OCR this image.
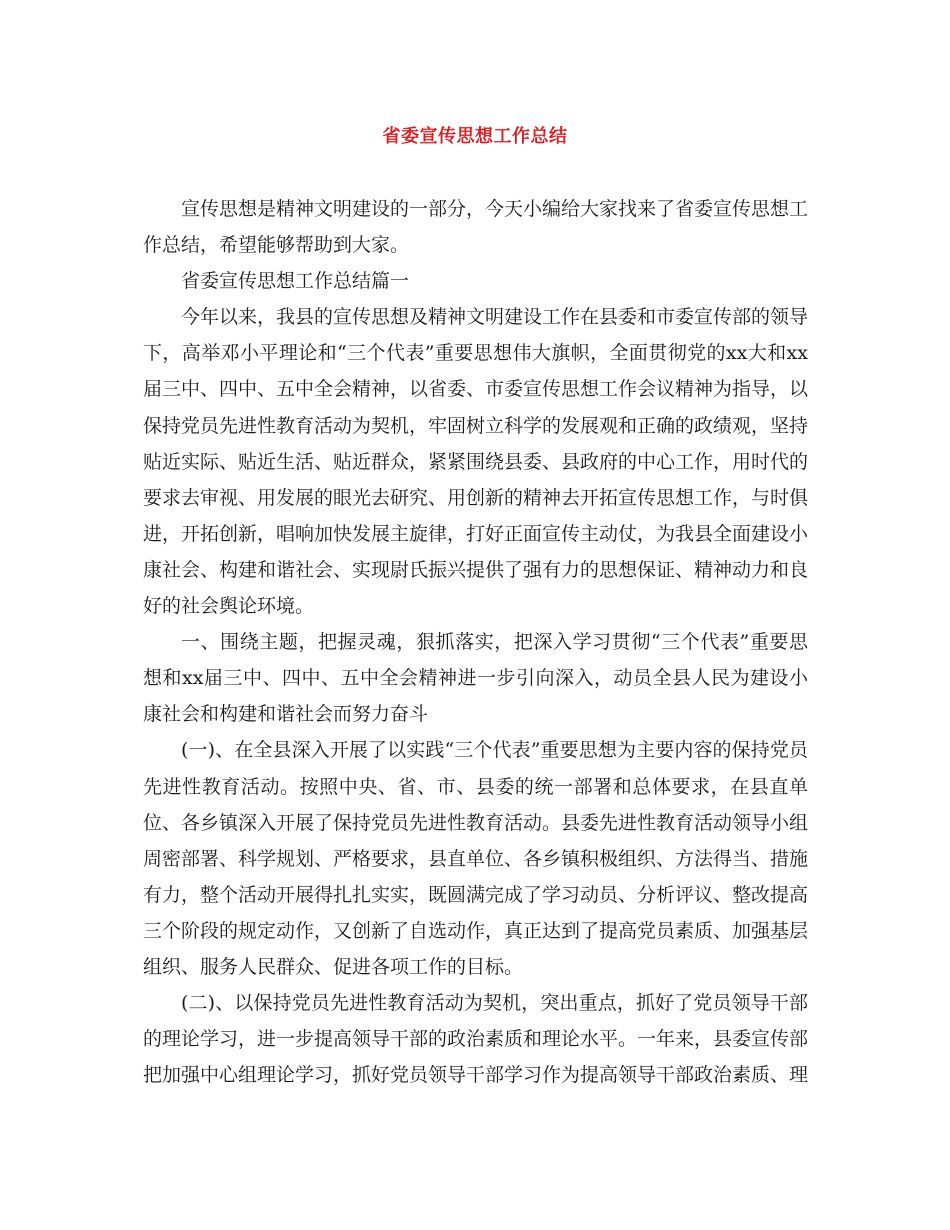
省委宣传思想工作总结

宣传思想是精神文明建设的一部分，今天小编给大家找来了省委宣传思想工作总结，希望能够帮助到大家。

省委宣传思想工作总结篇一

今年以来，我县的宣传思想及精神文明建设工作在县委和市委宣传部的领导下，高举邓小平理论和“三个代表”重要思想伟大旗帜，全面贯彻党的xx大和xx届三中、四中、五中全会精神，以省委、市委宣传思想工作会议精神为指导，以保持党员先进性教育活动为契机，牢固树立科学的发展观和正确的政绩观，坚持贴近实际、贴近生活、贴近群众，紧紧围绕县委、县政府的中心工作，用时代的要求去审视、用发展的眼光去研究、用创新的精神去开拓宣传思想工作，与时俱进，开拓创新，唱响加快发展主旋律，打好正面宣传主动仗，为我县全面建设小康社会、构建和谐社会、实现尉氏振兴提供了强有力的思想保证、精神动力和良好的社会舆论环境。

一、围绕主题，把握灵魂，狠抓落实，把深入学习贯彻“三个代表”重要思想和xx届三中、四中、五中全会精神进一步引向深入，动员全县人民为建设小康社会和构建和谐社会而努力奋斗

(一)、在全县深入开展了以实践“三个代表”重要思想为主要内容的保持党员先进性教育活动。按照中央、省、市、县委的统一部署和总体要求，在县直单位、各乡镇深入开展了保持党员先进性教育活动。县委先进性教育活动领导小组周密部署、科学规划、严格要求，县直单位、各乡镇积极组织、方法得当、措施有力，整个活动开展得扎扎实实，既圆满完成了学习动员、分析评议、整改提高三个阶段的规定动作，又创新了自选动作，真正达到了提高党员素质、加强基层组织、服务人民群众、促进各项工作的目标。

(二)、以保持党员先进性教育活动为契机，突出重点，抓好了党员领导干部的理论学习，进一步提高领导干部的政治素质和理论水平。一年来，县委宣传部把加强中心组理论学习，抓好党员领导干部学习作为提高领导干部政治素质、理
